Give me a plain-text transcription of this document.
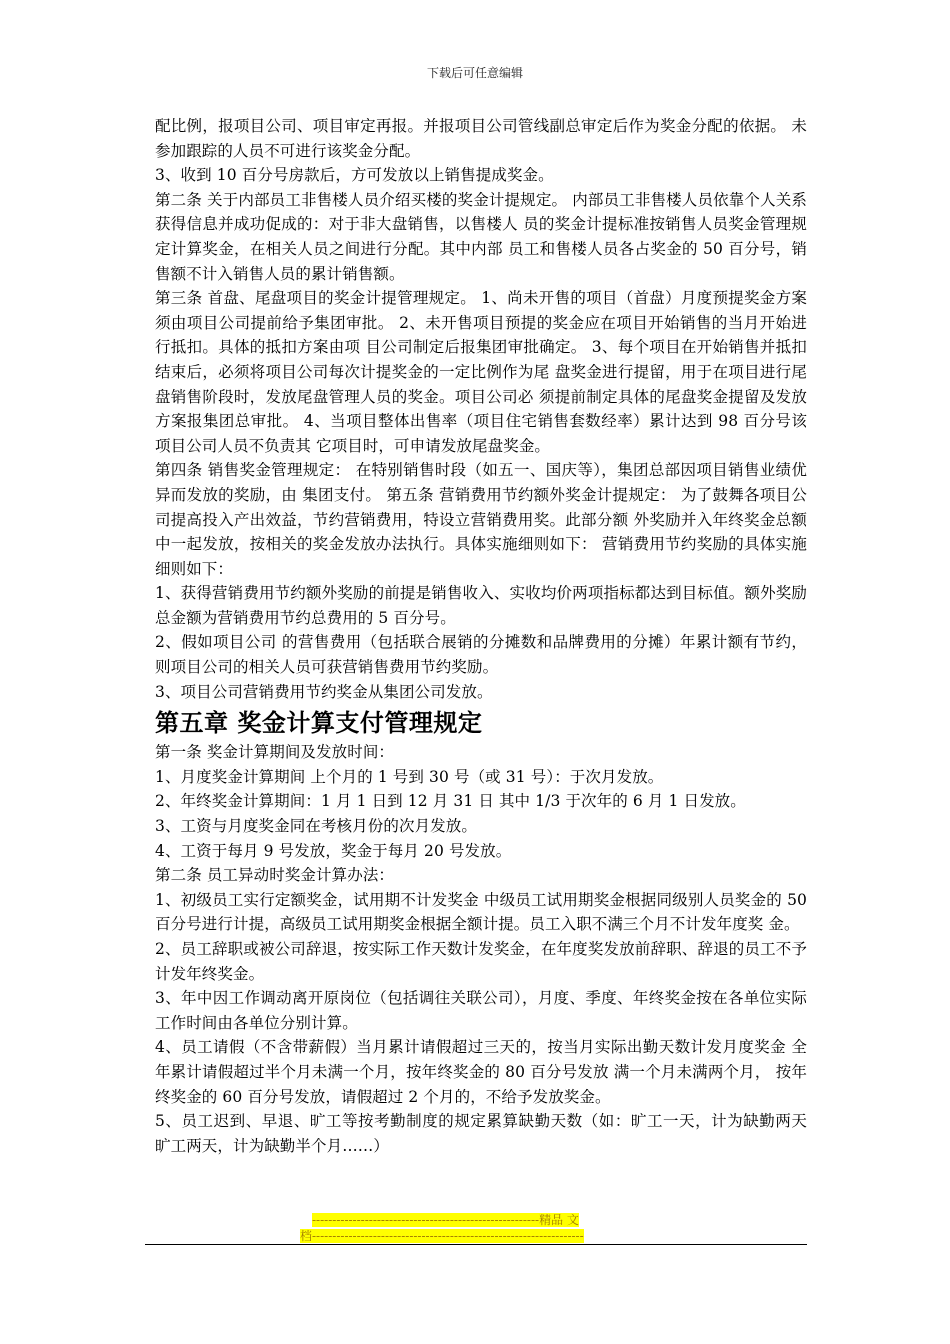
下载后可任意编辑

配比例，报项目公司、项目审定再报。并报项目公司管线副总审定后作为奖金分配的依据。 未参加跟踪的人员不可进行该奖金分配。

3、收到 10 百分号房款后，方可发放以上销售提成奖金。

第二条 关于内部员工非售楼人员介绍买楼的奖金计提规定。 内部员工非售楼人员依靠个人关系获得信息并成功促成的：对于非大盘销售，以售楼人 员的奖金计提标准按销售人员奖金管理规定计算奖金，在相关人员之间进行分配。其中内部 员工和售楼人员各占奖金的 50 百分号，销售额不计入销售人员的累计销售额。

第三条 首盘、尾盘项目的奖金计提管理规定。 1、尚未开售的项目（首盘）月度预提奖金方案须由项目公司提前给予集团审批。 2、未开售项目预提的奖金应在项目开始销售的当月开始进行抵扣。具体的抵扣方案由项 目公司制定后报集团审批确定。 3、每个项目在开始销售并抵扣结束后，必须将项目公司每次计提奖金的一定比例作为尾 盘奖金进行提留，用于在项目进行尾盘销售阶段时，发放尾盘管理人员的奖金。项目公司必 须提前制定具体的尾盘奖金提留及发放方案报集团总审批。 4、当项目整体出售率（项目住宅销售套数经率）累计达到 98 百分号该项目公司人员不负责其 它项目时，可申请发放尾盘奖金。

第四条 销售奖金管理规定： 在特别销售时段（如五一、国庆等），集团总部因项目销售业绩优异而发放的奖励，由 集团支付。 第五条 营销费用节约额外奖金计提规定： 为了鼓舞各项目公司提高投入产出效益，节约营销费用，特设立营销费用奖。此部分额 外奖励并入年终奖金总额中一起发放，按相关的奖金发放办法执行。具体实施细则如下： 营销费用节约奖励的具体实施细则如下：

1、获得营销费用节约额外奖励的前提是销售收入、实收均价两项指标都达到目标值。额外奖励总金额为营销费用节约总费用的 5 百分号。

2、假如项目公司 的营售费用（包括联合展销的分摊数和品牌费用的分摊）年累计额有节约，则项目公司的相关人员可获营销售费用节约奖励。

3、项目公司营销费用节约奖金从集团公司发放。

第五章 奖金计算支付管理规定

第一条 奖金计算期间及发放时间：

1、月度奖金计算期间 上个月的 1 号到 30 号（或 31 号）：于次月发放。

2、年终奖金计算期间：1 月 1 日到 12 月 31 日 其中 1/3 于次年的 6 月 1 日发放。

3、工资与月度奖金同在考核月份的次月发放。

4、工资于每月 9 号发放，奖金于每月 20 号发放。

第二条 员工异动时奖金计算办法：

1、初级员工实行定额奖金，试用期不计发奖金 中级员工试用期奖金根据同级别人员奖金的 50 百分号进行计提，高级员工试用期奖金根据全额计提。员工入职不满三个月不计发年度奖 金。

2、员工辞职或被公司辞退，按实际工作天数计发奖金，在年度奖发放前辞职、辞退的员工不予计发年终奖金。

3、年中因工作调动离开原岗位（包括调往关联公司），月度、季度、年终奖金按在各单位实际工作时间由各单位分别计算。

4、员工请假（不含带薪假）当月累计请假超过三天的，按当月实际出勤天数计发月度奖金 全年累计请假超过半个月未满一个月，按年终奖金的 80 百分号发放 满一个月未满两个月， 按年终奖金的 60 百分号发放，请假超过 2 个月的，不给予发放奖金。

5、员工迟到、早退、旷工等按考勤制度的规定累算缺勤天数（如：旷工一天，计为缺勤两天 旷工两天，计为缺勤半个月……）

--------------------------------------------------------精品 文
档-------------------------------------------------------------------
